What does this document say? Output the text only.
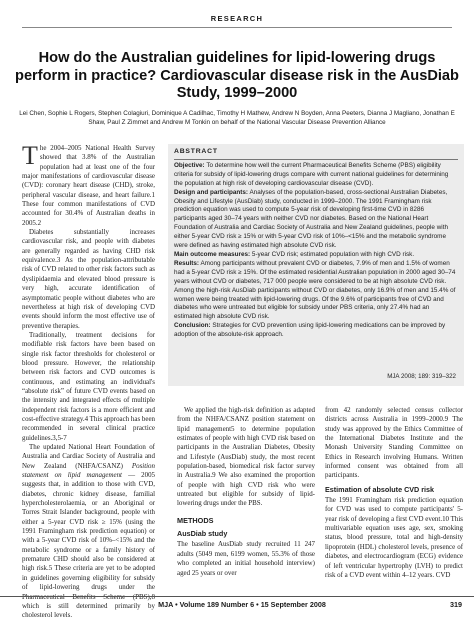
RESEARCH
How do the Australian guidelines for lipid-lowering drugs perform in practice? Cardiovascular disease risk in the AusDiab Study, 1999–2000
Lei Chen, Sophie L Rogers, Stephen Colagiuri, Dominique A Cadilhac, Timothy H Mathew, Andrew N Boyden, Anna Peeters, Dianna J Magliano, Jonathan E Shaw, Paul Z Zimmet and Andrew M Tonkin on behalf of the National Vascular Disease Prevention Alliance

The 2004–2005 National Health Survey showed that 3.8% of the Australian population had at least one of the four major manifestations of cardiovascular disease (CVD): coronary heart disease (CHD), stroke, peripheral vascular disease, and heart failure.1 These four common manifestations of CVD accounted for 30.4% of Australian deaths in 2005.2

Diabetes substantially increases cardiovascular risk, and people with diabetes are generally regarded as having CHD risk equivalence.3 As the population-attributable risk of CVD related to other risk factors such as dyslipidaemia and elevated blood pressure is very high, accurate identification of asymptomatic people without diabetes who are nevertheless at high risk of developing CVD events should inform the most effective use of preventive therapies.

Traditionally, treatment decisions for modifiable risk factors have been based on single risk factor thresholds for cholesterol or blood pressure. However, the relationship between risk factors and CVD outcomes is continuous, and estimating an individual's “absolute risk” of future CVD events based on the intensity and integrated effects of multiple independent risk factors is a more efficient and cost-effective strategy.4 This approach has been recommended in several clinical practice guidelines.3,5-7

The updated National Heart Foundation of Australia and Cardiac Society of Australia and New Zealand (NHFA/CSANZ) Position statement on lipid management — 2005 suggests that, in addition to those with CVD, diabetes, chronic kidney disease, familial hypercholesterolaemia, or an Aboriginal or Torres Strait Islander background, people with either a 5-year CVD risk ≥ 15% (using the 1991 Framingham risk prediction equation) or with a 5-year CVD risk of 10%–<15% and the metabolic syndrome or a family history of premature CHD should also be considered at high risk.5 These criteria are yet to be adopted in guidelines governing eligibility for subsidy of lipid-lowering drugs under the Pharmaceutical Benefits Scheme (PBS),8 which is still determined primarily by cholesterol levels.

ABSTRACT

Objective: To determine how well the current Pharmaceutical Benefits Scheme (PBS) eligibility criteria for subsidy of lipid-lowering drugs compare with current national guidelines for determining the population at high risk of developing cardiovascular disease (CVD).

Design and participants: Analyses of the population-based, cross-sectional Australian Diabetes, Obesity and Lifestyle (AusDiab) study, conducted in 1999–2000. The 1991 Framingham risk prediction equation was used to compute 5-year risk of developing first-time CVD in 8286 participants aged 30–74 years with neither CVD nor diabetes. Based on the National Heart Foundation of Australia and Cardiac Society of Australia and New Zealand guidelines, people with either 5-year CVD risk ≥ 15% or with 5-year CVD risk of 10%–<15% and the metabolic syndrome were defined as having estimated high absolute CVD risk.

Main outcome measures: 5-year CVD risk; estimated population with high CVD risk.

Results: Among participants without prevalent CVD or diabetes, 7.9% of men and 1.5% of women had a 5-year CVD risk ≥ 15%. Of the estimated residential Australian population in 2000 aged 30–74 years without CVD or diabetes, 717 000 people were considered to be at high absolute CVD risk. Among the high-risk AusDiab participants without CVD or diabetes, only 16.9% of men and 15.4% of women were being treated with lipid-lowering drugs. Of the 9.6% of participants free of CVD and diabetes who were untreated but eligible for subsidy under PBS criteria, only 27.4% had an estimated high absolute CVD risk.

Conclusion: Strategies for CVD prevention using lipid-lowering medications can be improved by adoption of the absolute-risk approach.

MJA 2008; 189: 319–322

We applied the high-risk definition as adapted from the NHFA/CSANZ position statement on lipid management5 to determine population estimates of people with high CVD risk based on participants in the Australian Diabetes, Obesity and Lifestyle (AusDiab) study, the most recent population-based, biomedical risk factor survey in Australia.9 We also examined the proportion of people with high CVD risk who were untreated but eligible for subsidy of lipid-lowering drugs under the PBS.

METHODS
AusDiab study

The baseline AusDiab study recruited 11 247 adults (5049 men, 6199 women, 55.3% of those who completed an initial household interview) aged 25 years or over

from 42 randomly selected census collector districts across Australia in 1999–2000.9 The study was approved by the Ethics Committee of the International Diabetes Institute and the Monash University Standing Committee on Ethics in Research involving Humans. Written informed consent was obtained from all participants.

Estimation of absolute CVD risk

The 1991 Framingham risk prediction equation for CVD was used to compute participants' 5-year risk of developing a first CVD event.10 This multivariable equation uses age, sex, smoking status, blood pressure, total and high-density lipoprotein (HDL) cholesterol levels, presence of diabetes, and electrocardiogram (ECG) evidence of left ventricular hypertrophy (LVH) to predict risk of a CVD event within 4–12 years. CVD

MJA • Volume 189 Number 6 • 15 September 2008	319
